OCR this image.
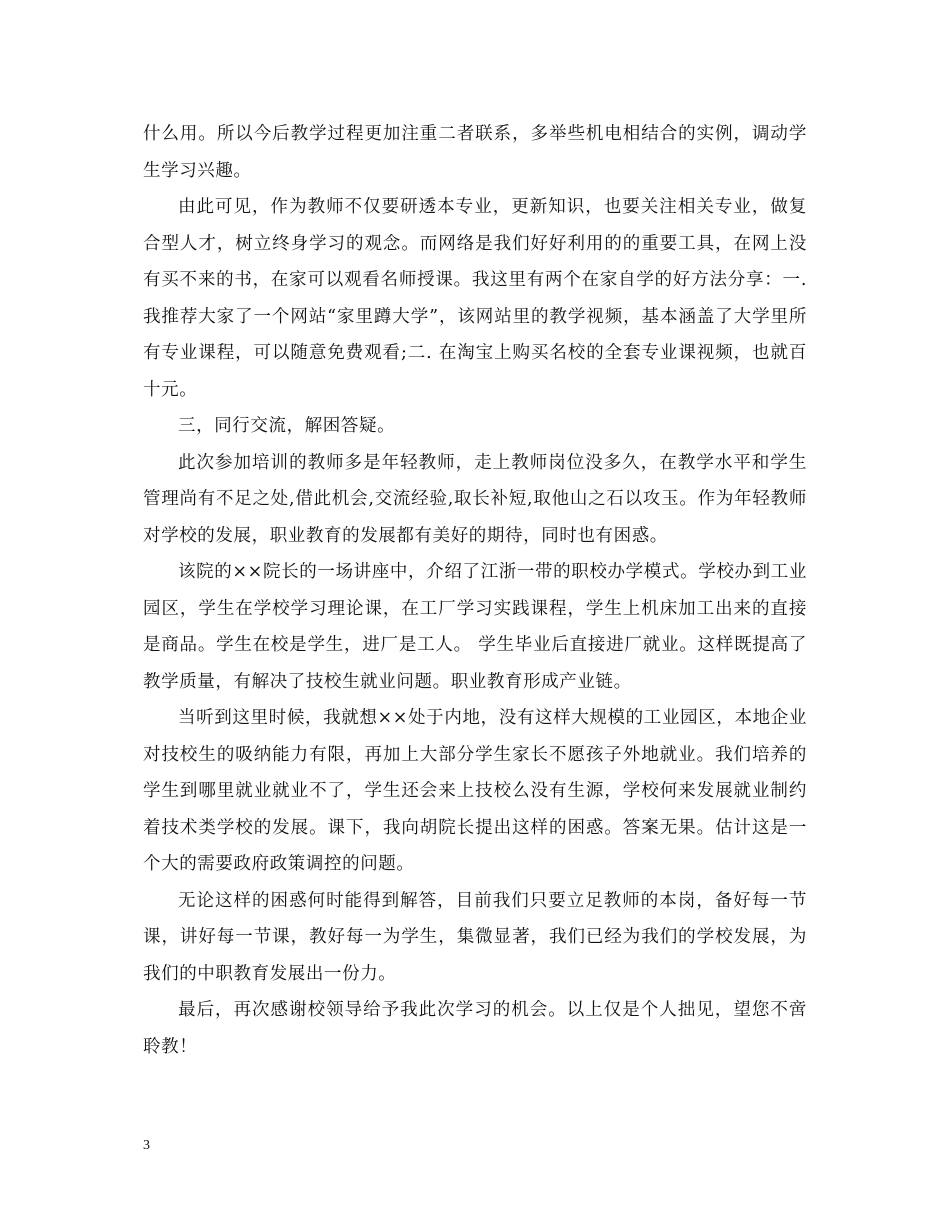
什么用。所以今后教学过程更加注重二者联系，多举些机电相结合的实例，调动学生学习兴趣。

由此可见，作为教师不仅要研透本专业，更新知识，也要关注相关专业，做复合型人才，树立终身学习的观念。而网络是我们好好利用的的重要工具，在网上没有买不来的书，在家可以观看名师授课。我这里有两个在家自学的好方法分享：一. 我推荐大家了一个网站“家里蹲大学”，该网站里的教学视频，基本涵盖了大学里所有专业课程，可以随意免费观看;二. 在淘宝上购买名校的全套专业课视频，也就百十元。

三，同行交流，解困答疑。

此次参加培训的教师多是年轻教师，走上教师岗位没多久，在教学水平和学生管理尚有不足之处,借此机会,交流经验,取长补短,取他山之石以攻玉。作为年轻教师对学校的发展，职业教育的发展都有美好的期待，同时也有困惑。

该院的××院长的一场讲座中，介绍了江浙一带的职校办学模式。学校办到工业园区，学生在学校学习理论课，在工厂学习实践课程，学生上机床加工出来的直接是商品。学生在校是学生，进厂是工人。 学生毕业后直接进厂就业。这样既提高了教学质量，有解决了技校生就业问题。职业教育形成产业链。

当听到这里时候，我就想××处于内地，没有这样大规模的工业园区，本地企业对技校生的吸纳能力有限，再加上大部分学生家长不愿孩子外地就业。我们培养的学生到哪里就业就业不了，学生还会来上技校么没有生源，学校何来发展就业制约着技术类学校的发展。课下，我向胡院长提出这样的困惑。答案无果。估计这是一个大的需要政府政策调控的问题。

无论这样的困惑何时能得到解答，目前我们只要立足教师的本岗，备好每一节课，讲好每一节课，教好每一为学生，集微显著，我们已经为我们的学校发展，为我们的中职教育发展出一份力。

最后，再次感谢校领导给予我此次学习的机会。以上仅是个人拙见，望您不啻聆教！

3
